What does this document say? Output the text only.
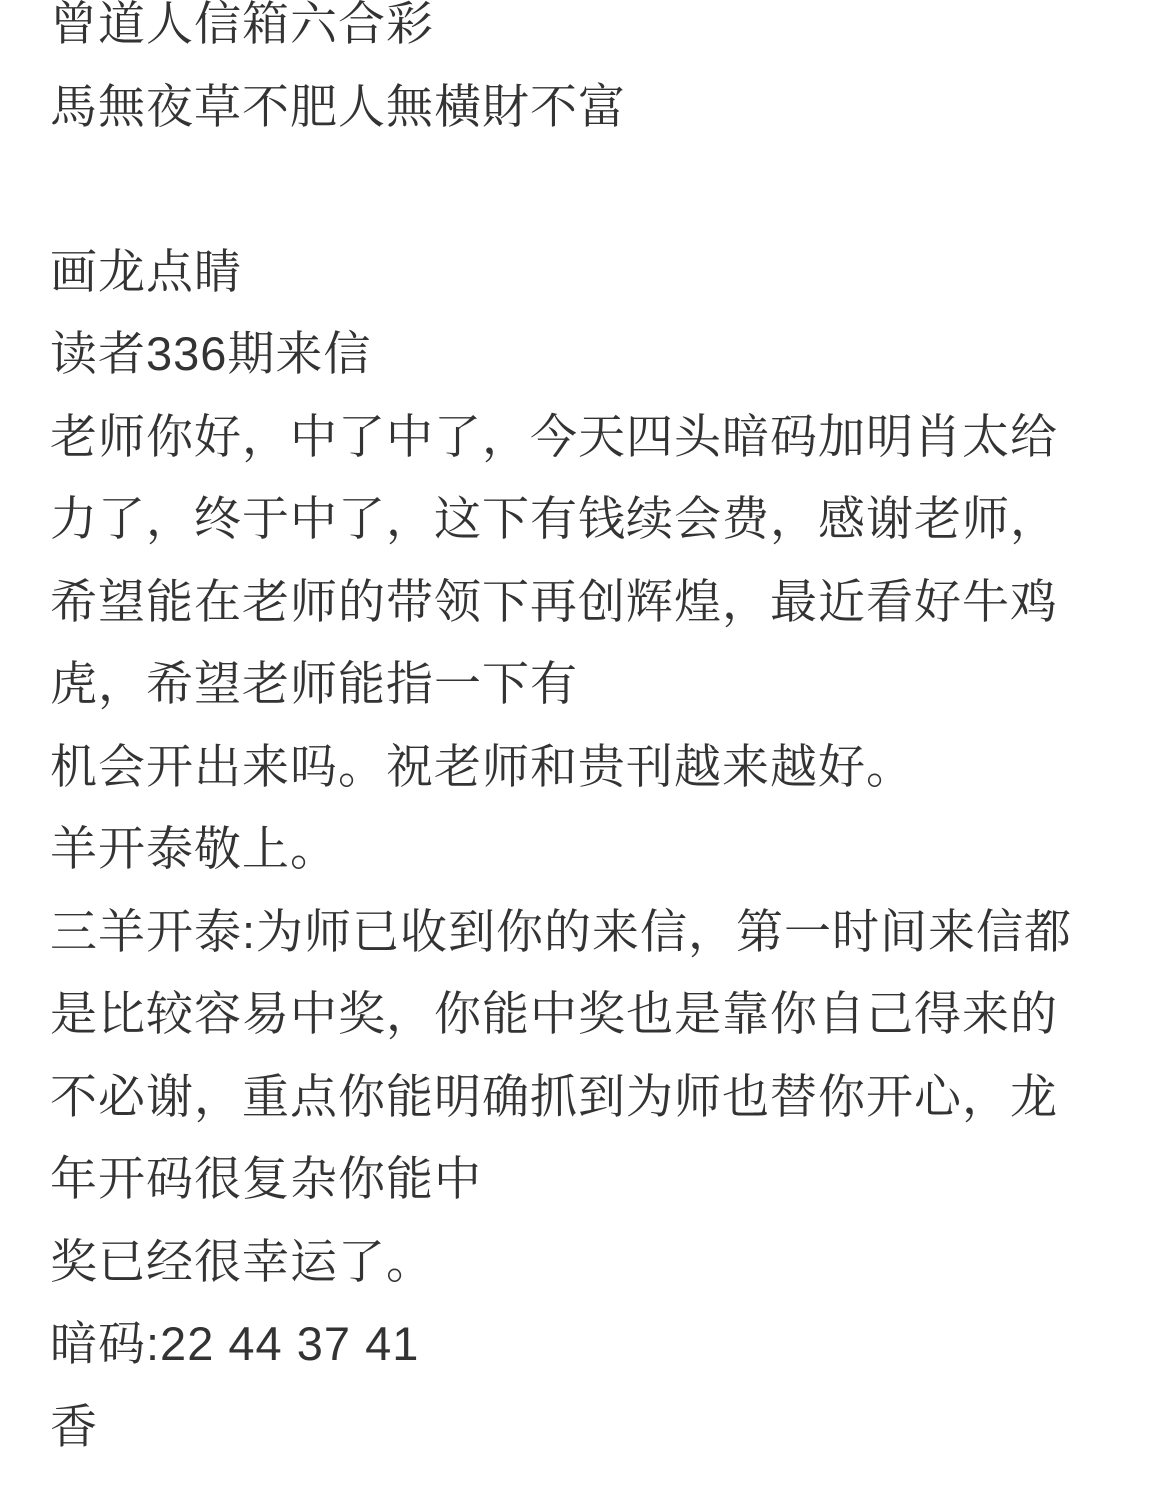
曾道人信箱六合彩
馬無夜草不肥人無橫財不富
画龙点睛
读者336期来信
老师你好，中了中了，今天四头暗码加明肖太给
力了，终于中了，这下有钱续会费，感谢老师，
希望能在老师的带领下再创辉煌，最近看好牛鸡
虎，希望老师能指一下有
机会开出来吗。祝老师和贵刊越来越好。
羊开泰敬上。
三羊开泰:为师已收到你的来信，第一时间来信都
是比较容易中奖，你能中奖也是靠你自己得来的
不必谢，重点你能明确抓到为师也替你开心，龙
年开码很复杂你能中
奖已经很幸运了。
暗码:22 44 37 41
香
